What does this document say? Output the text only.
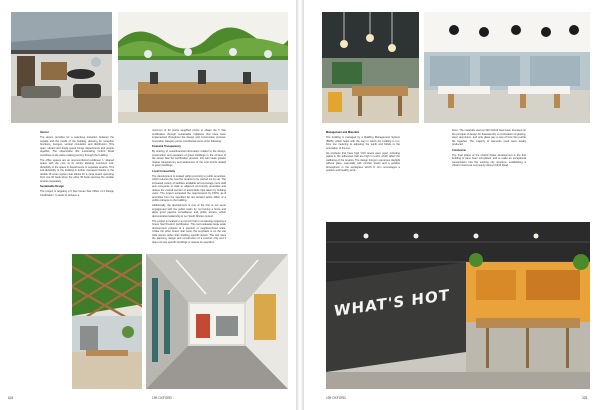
Interior

The atrium provides for a seamless transition between the outside and the inside of the building, allowing for reception functions, lounges, vertical circulation and distribution. This open, vibrant and bright space brings departments and people together. The observation lifts overlooking Oxford Road contribute to the place-making journey through the building.

The office spaces are an unencumbered rectilinear 'L' shaped space with the core at its centre allowing maximum sub-divisibility of the space in departments or separate tenants. This sub-divisibility of the building is further increased thanks to the double lift cores system that allows for a more tenant operating from one lift bank when the other lift bank services the smaller tenants separately.

Sustainable Design

The project is targeting a 5 Star Green Star Office v1.1 Design Certification. It needs to achieve a

minimum of 60 points weighted points to obtain the 5 Star certification through sustainable initiatives that have been implemented throughout the design and construction process. Innovation category points contributed some of the following:

Financial Transparency

By sharing of costs/financial information related to the design, construction and operation of green buildings in the context of the Green Star SA certification process, this will create greater market transparency and awareness of the cost trends related to green buildings.

Local Connectivity

The development is located within proximity to public amenities, which reduces the need for tenants to be carried out by car. The increased variety of facilities available will encourage more staff and occupants to walk to adjacent community amenities and reduce the overall number of automobile trips taken by building users. The project exceeded the requirements by 150%, as 8 amenities from the specified list are located within 400m of a public entrance to the building.

Additionally, the development is one of the first to not sever engagement with the public realm by not having a fence and allow good passive surveillance and public access, which demonstrates leadership in our South African context.

The project is located in a precinct that is completing targeting a Green Star Precinct certification. This tool evaluates large scale development projects at a precinct or neighbourhood scale. Unlike the other Green Star tools, the emphasis is on the site wide issues rather than building specific issues. The tool rates the planning, design and construction of a precinct only and it does not rate specific buildings or assess its operation.

624	199 OXFORD

Management and Materials

The building is managed by a Building Management System (BMS), which helps with the way in which the building is run, from low metering to adjusting the sunlit and blinds to the orientation of the sun.

No products that have high VOC levels were used, including paints in the adhesives that are high in toxins which affect the wellbeing of the tenants. The design brings in generous daylight without glare, especially with comfort levels and a positive atmosphere in the workspace which in turn encourages a positive and healthy work-

force. The materials used at 199 Oxford have been focussed on the principle of design for disassembly. A combination of glazing, steel, aluminium, and pole glass pay a new of how this puzzle fits together. The majority of elements used were locally produced.

Conclusion

The final phase of the Oxford Parks development is the first building to have been completed, and to make an exceptional transmission into the existing city structure, establishing a vibrant mixed use community along Oxford Road.

WHAT'S HOT
199 OXFORD	325
